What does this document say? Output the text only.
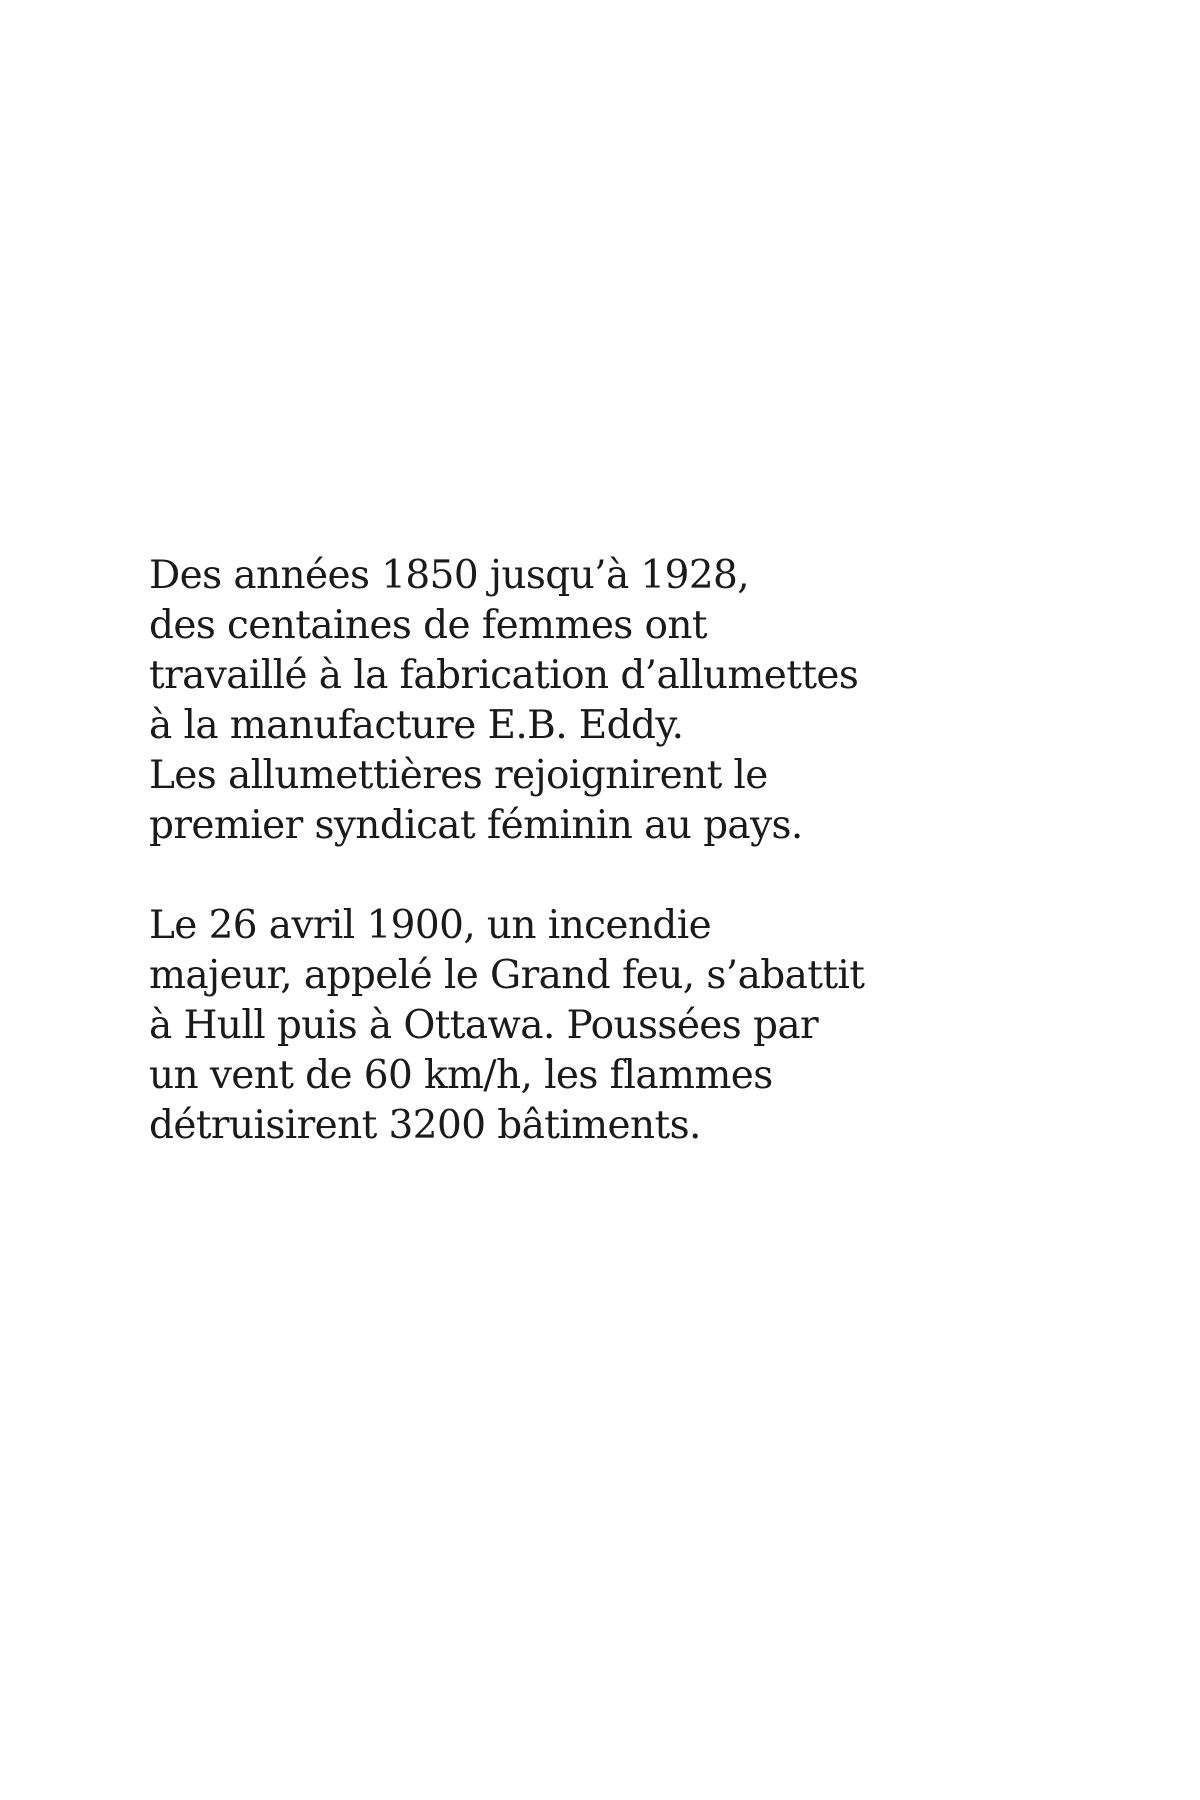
Des années 1850 jusqu’à 1928,
des centaines de femmes ont
travaillé à la fabrication d’allumettes
à la manufacture E.B. Eddy.
Les allumettières rejoignirent le
premier syndicat féminin au pays.

Le 26 avril 1900, un incendie
majeur, appelé le Grand feu, s’abattit
à Hull puis à Ottawa. Poussées par
un vent de 60 km/h, les flammes
détruisirent 3200 bâtiments.
